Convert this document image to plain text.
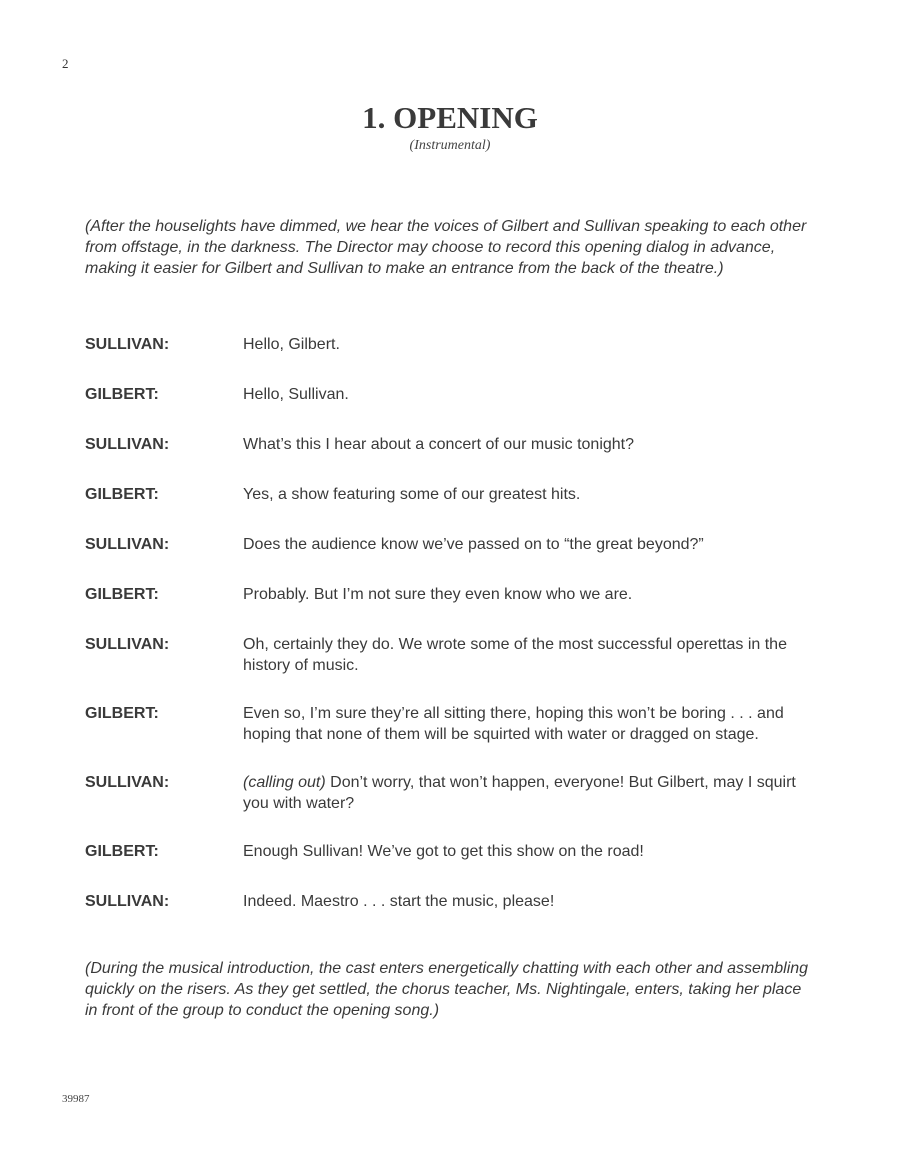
2
1. OPENING
(Instrumental)
(After the houselights have dimmed, we hear the voices of Gilbert and Sullivan speaking to each other from offstage, in the darkness. The Director may choose to record this opening dialog in advance, making it easier for Gilbert and Sullivan to make an entrance from the back of the theatre.)
SULLIVAN:	Hello, Gilbert.
GILBERT:	Hello, Sullivan.
SULLIVAN:	What’s this I hear about a concert of our music tonight?
GILBERT:	Yes, a show featuring some of our greatest hits.
SULLIVAN:	Does the audience know we’ve passed on to “the great beyond?”
GILBERT:	Probably. But I’m not sure they even know who we are.
SULLIVAN:	Oh, certainly they do. We wrote some of the most successful operettas in the history of music.
GILBERT:	Even so, I’m sure they’re all sitting there, hoping this won’t be boring . . . and hoping that none of them will be squirted with water or dragged on stage.
SULLIVAN:	(calling out) Don’t worry, that won’t happen, everyone! But Gilbert, may I squirt you with water?
GILBERT:	Enough Sullivan! We’ve got to get this show on the road!
SULLIVAN:	Indeed. Maestro . . . start the music, please!
(During the musical introduction, the cast enters energetically chatting with each other and assembling quickly on the risers. As they get settled, the chorus teacher, Ms. Nightingale, enters, taking her place in front of the group to conduct the opening song.)
39987
